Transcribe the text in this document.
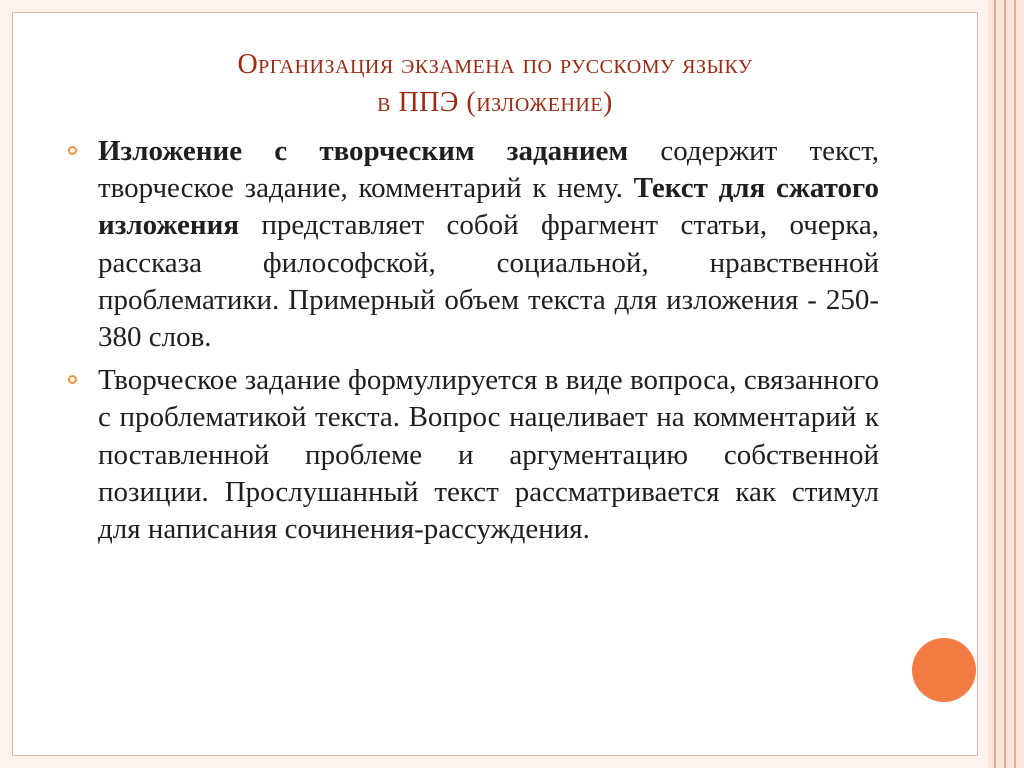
Организация экзамена по русскому языку
в ППЭ (изложение)
Изложение с творческим заданием содержит текст, творческое задание, комментарий к нему. Текст для сжатого изложения представляет собой фрагмент статьи, очерка, рассказа философской, социальной, нравственной проблематики. Примерный объем текста для изложения - 250-380 слов.
Творческое задание формулируется в виде вопроса, связанного с проблематикой текста. Вопрос нацеливает на комментарий к поставленной проблеме и аргументацию собственной позиции. Прослушанный текст рассматривается как стимул для написания сочинения-рассуждения.
